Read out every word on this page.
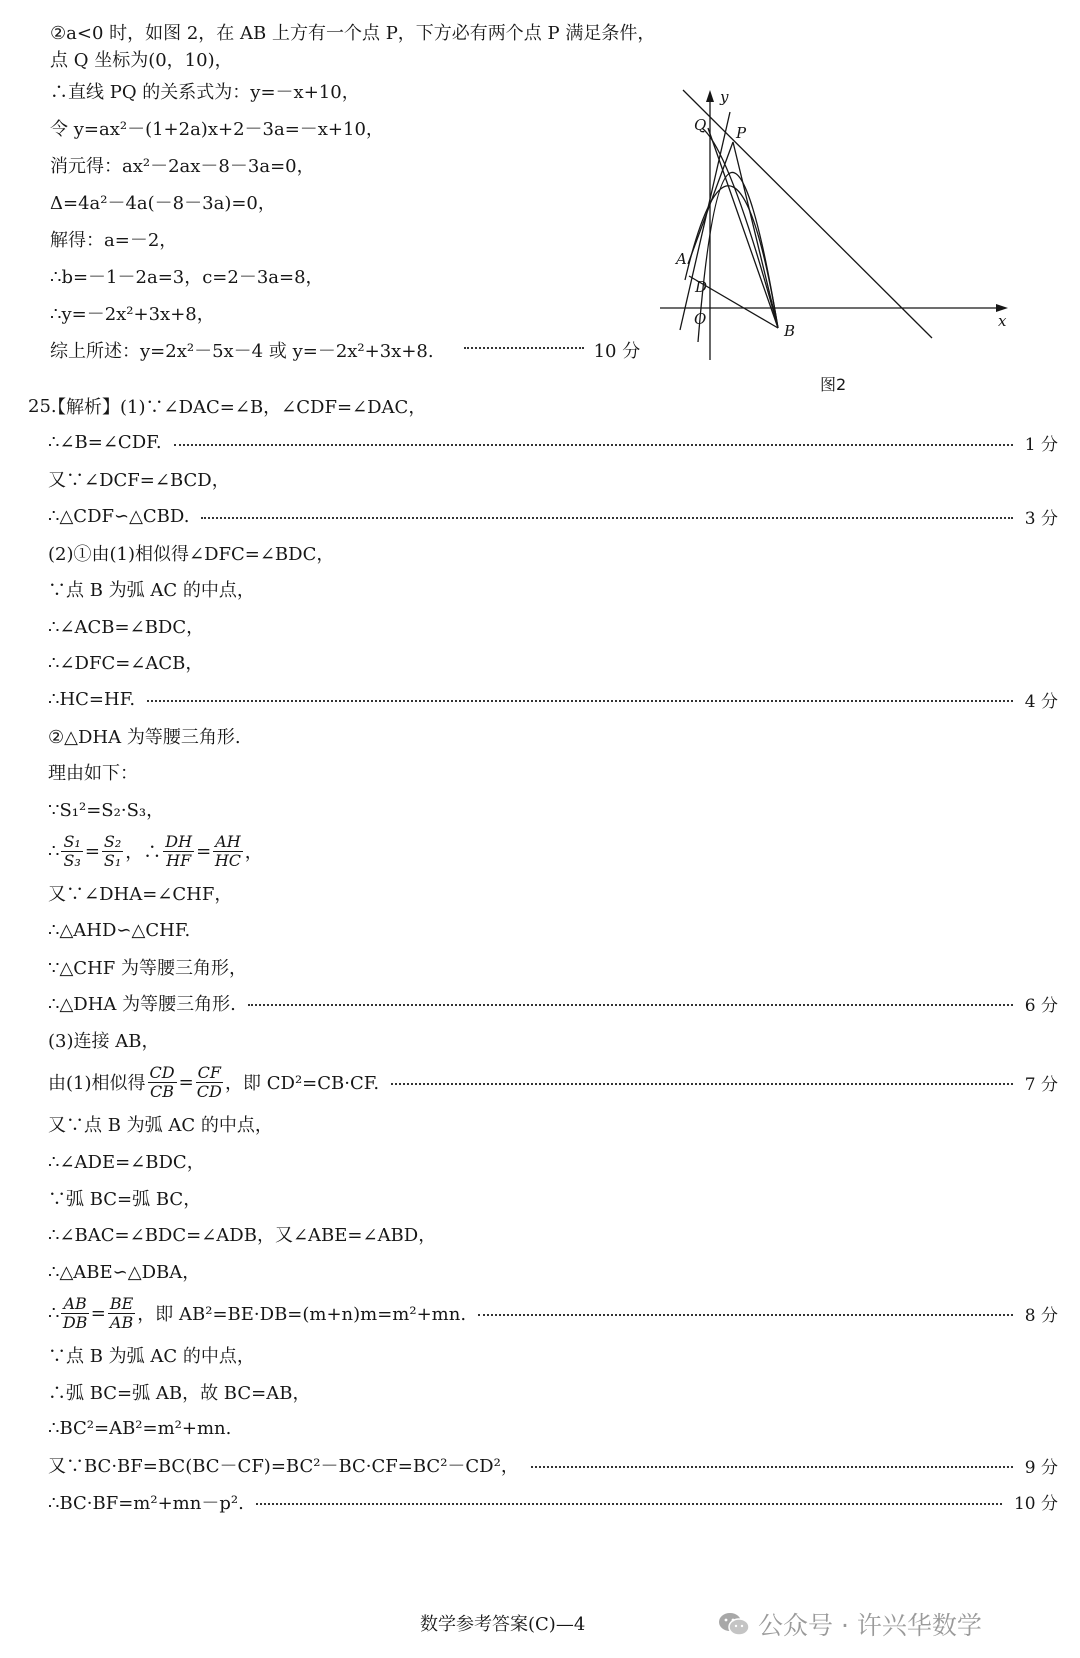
②a<0 时，如图 2，在 AB 上方有一个点 P，下方必有两个点 P 满足条件，
点 Q 坐标为(0，10)，
∴直线 PQ 的关系式为：y=－x+10，
令 y=ax²－(1+2a)x+2－3a=－x+10，
消元得：ax²－2ax－8－3a=0，
Δ=4a²－4a(－8－3a)=0，
解得：a=－2，
∴b=－1－2a=3，c=2－3a=8，
∴y=－2x²+3x+8，
综上所述：y=2x²－5x－4 或 y=－2x²+3x+8.	10 分
y
x
O
Q P
A
D
B
图2
25.
【解析】(1)∵∠DAC=∠B，∠CDF=∠DAC，
∴∠B=∠CDF.	1 分
又∵∠DCF=∠BCD，
∴△CDF∽△CBD.	3 分
(2)①由(1)相似得∠DFC=∠BDC，
∵点 B 为弧 AC 的中点，
∴∠ACB=∠BDC，
∴∠DFC=∠ACB，
∴HC=HF.	4 分
②△DHA 为等腰三角形.
理由如下：
∵S₁²=S₂·S₃，
∴ $\frac{\text{S₁}}{\text{S₃}} = \frac{\text{S₂}}{\text{S₁}}$ ，∴ $\frac{DH}{HF} = \frac{AH}{HC}$ ，
又∵∠DHA=∠CHF，
∴△AHD∽△CHF.
∵△CHF 为等腰三角形，
∴△DHA 为等腰三角形.	6 分
(3)连接 AB，
由(1)相似得 $\frac{CD}{CB} = \frac{CF}{CD}$ ，即 CD²=CB·CF.	7 分
又∵点 B 为弧 AC 的中点，
∴∠ADE=∠BDC，
∵弧 BC=弧 BC，
∴∠BAC=∠BDC=∠ADB，又∠ABE=∠ABD，
∴△ABE∽△DBA，
∴ $\frac{AB}{DB} = \frac{BE}{AB}$ ，即 AB²=BE·DB=(m+n)m=m²+mn.	8 分
∵点 B 为弧 AC 的中点，
∴弧 BC=弧 AB，故 BC=AB，
∴BC²=AB²=m²+mn.
又∵BC·BF=BC(BC－CF)=BC²－BC·CF=BC²－CD²，	9 分
∴BC·BF=m²+mn－p².	10 分
数学参考答案(C)—4	公众号 · 许兴华数学
